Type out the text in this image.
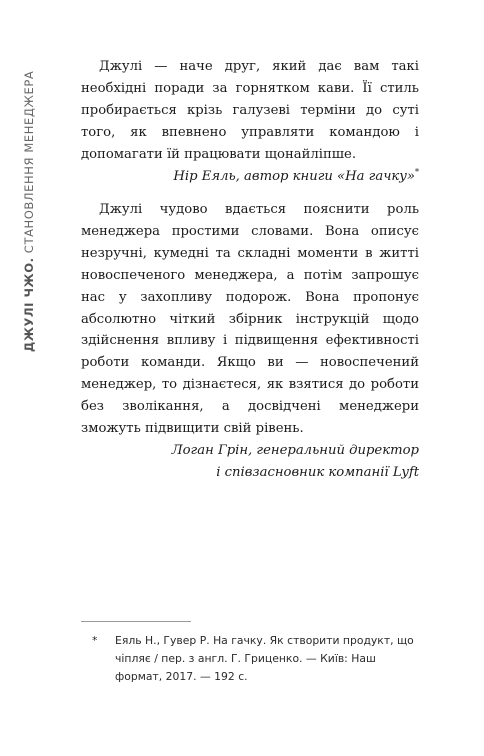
ДЖУЛІ ЧЖО. СТАНОВЛЕННЯ МЕНЕДЖЕРА

Джулі — наче друг, який дає вам такі необхідні поради за горнятком кави. Її стиль пробирається крізь галузеві терміни до суті того, як впевнено управляти командою і допомагати їй працювати щонайліпше.

Нір Еяль, автор книги «На гачку»*

Джулі чудово вдається пояснити роль менеджера простими словами. Вона описує незручні, кумедні та складні моменти в житті новоспеченого менеджера, а потім запрошує нас у захопливу подорож. Вона пропонує абсолютно чіткий збірник інструкцій щодо здійснення впливу і підвищення ефективності роботи команди. Якщо ви — новоспечений менеджер, то дізнаєтеся, як взятися до роботи без зволікання, а досвідчені менеджери зможуть підвищити свій рівень.

Логан Грін, генеральний директор
і співзасновник компанії Lyft

* Еяль Н., Гувер Р. На гачку. Як створити продукт, що чіпляє / пер. з англ. Г. Гриценко. — Київ: Наш формат, 2017. — 192 с.
